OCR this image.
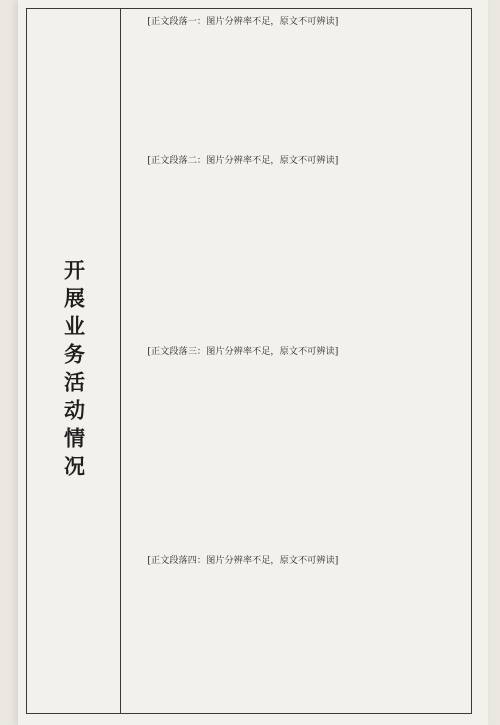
开展业务活动情况

[正文段落一：图片分辨率不足，原文不可辨读]

[正文段落二：图片分辨率不足，原文不可辨读]

[正文段落三：图片分辨率不足，原文不可辨读]

[正文段落四：图片分辨率不足，原文不可辨读]
